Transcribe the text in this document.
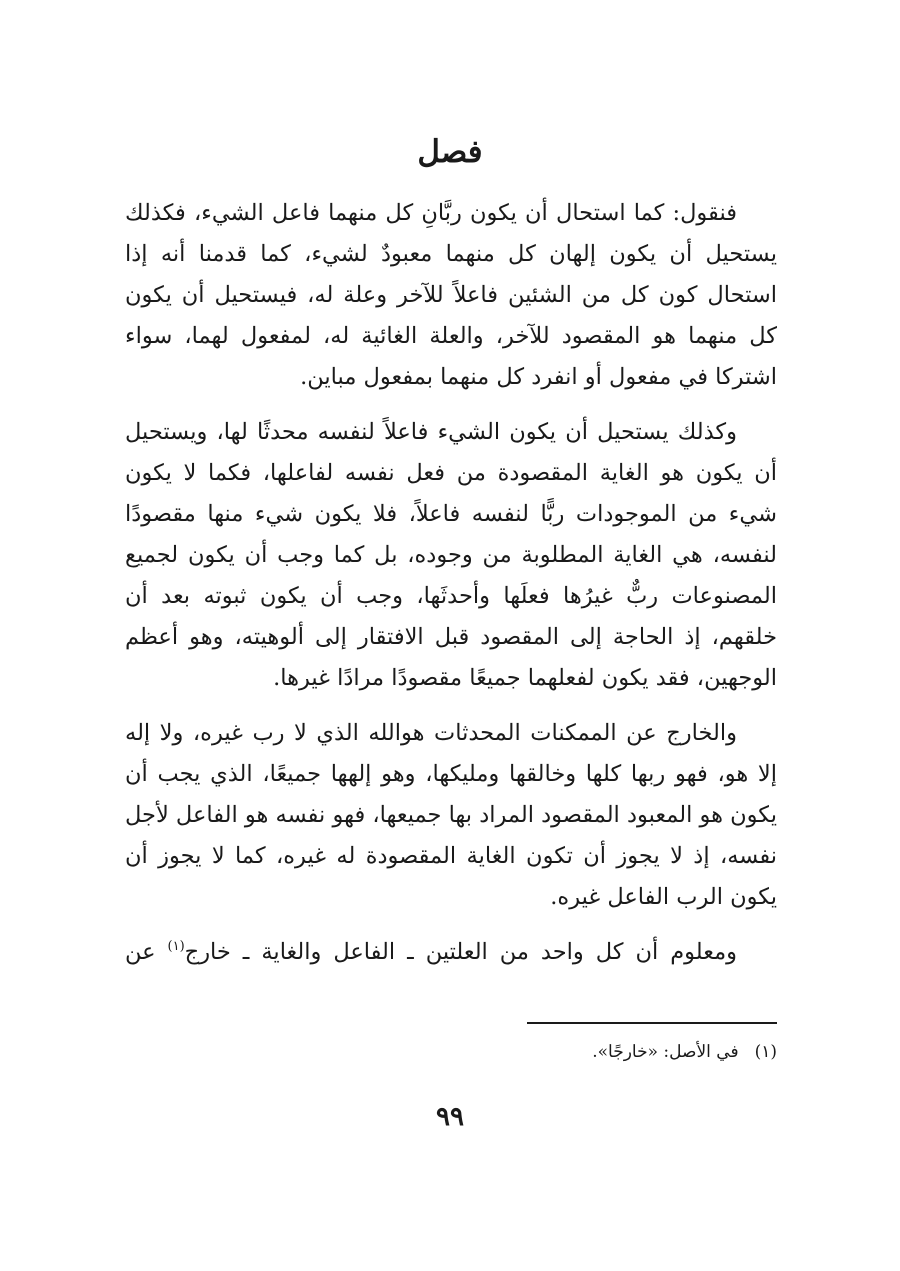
فصل

فنقول: كما استحال أن يكون ربَّانِ كل منهما فاعل الشيء، فكذلك يستحيل أن يكون إلهان كل منهما معبودٌ لشيء، كما قدمنا أنه إذا استحال كون كل من الشئين فاعلاً للآخر وعلة له، فيستحيل أن يكون كل منهما هو المقصود للآخر، والعلة الغائية له، لمفعول لهما، سواء اشتركا في مفعول أو انفرد كل منهما بمفعول مباين.

وكذلك يستحيل أن يكون الشيء فاعلاً لنفسه محدثًا لها، ويستحيل أن يكون هو الغاية المقصودة من فعل نفسه لفاعلها، فكما لا يكون شيء من الموجودات ربًّا لنفسه فاعلاً، فلا يكون شيء منها مقصودًا لنفسه، هي الغاية المطلوبة من وجوده، بل كما وجب أن يكون لجميع المصنوعات ربٌّ غيرُها فعلَها وأحدثَها، وجب أن يكون ثبوته بعد أن خلقهم، إذ الحاجة إلى المقصود قبل الافتقار إلى ألوهيته، وهو أعظم الوجهين، فقد يكون لفعلهما جميعًا مقصودًا مرادًا غيرها.

والخارج عن الممكنات المحدثات هوالله الذي لا رب غيره، ولا إله إلا هو، فهو ربها كلها وخالقها ومليكها، وهو إلهها جميعًا، الذي يجب أن يكون هو المعبود المقصود المراد بها جميعها، فهو نفسه هو الفاعل لأجل نفسه، إذ لا يجوز أن تكون الغاية المقصودة له غيره، كما لا يجوز أن يكون الرب الفاعل غيره.

ومعلوم أن كل واحد من العلتين ـ الفاعل والغاية ـ خارج$^{(١)}$ عن

(١)في الأصل: «خارجًا».
٩٩
